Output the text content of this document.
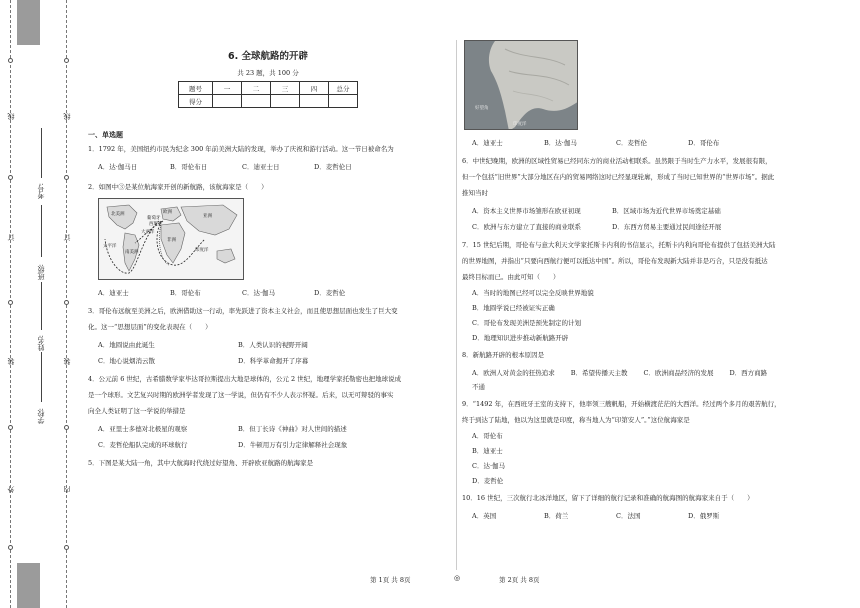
线
订
装
外
线
订
装
内
学校:
姓名:
班级:
考号:
6. 全球航路的开辟
共 23 题，共 100 分
题号	一	二	三	四	总分
得分					
一、单选题
1．1792 年，美国纽约市民为纪念 300 年前美洲大陆的发现，举办了庆祝和游行活动。这一节日被命名为
A．达·伽马日	B．哥伦布日	C．迪亚士日	D．麦哲伦日
2．如图中③是某位航海家开创的新航路，该航海家是（　　）
欧洲
亚洲
非洲
北美洲
南美洲
大西洋
太平洋
印度洋
葡萄牙
西班牙
A．迪亚士	B．哥伦布	C．达·伽马	D．麦哲伦
3．哥伦布远航至美洲之后，欧洲借助这一行动，率先跃进了资本主义社会，而且使思想层面也发生了巨大变
化。这一“思想层面”的变化表现在（　　）
A．地圆说由此诞生	B．人类认识的视野开阔
C．地心说烟消云散	D．科学革命揭开了序幕
4．公元前 6 世纪，古希腊数学家毕达哥拉斯提出大地是球体的，公元 2 世纪，地理学家托勒密也把地球说成
是一个球形。文艺复兴时期的欧洲学者发现了这一学说，但仍有不少人表示怀疑。后来，以无可辩驳的事实
向全人类证明了这一学说的举措是
A．亚里士多德对北极星的观察	B．但丁长诗《神曲》对人世间的描述
C．麦哲伦船队完成的环球航行	D．牛顿用万有引力定律解释社会现象
5．下图是某大陆一角，其中大航海时代绕过好望角、开辟欧亚航路的航海家是
好望角
印度洋
A．迪亚士	B．达·伽马	C．麦哲伦	D．哥伦布
6．中世纪晚期，欧洲的区域性贸易已经同东方的商业活动相联系。虽然限于当时生产力水平，发展很有限，
但一个包括“旧世界”大部分地区在内的贸易网络这时已经显现轮廓，形成了当时已知世界的“世界市场”。据此
推知当时
A．资本主义世界市场雏形在欧亚初现	B．区域市场为近代世界市场奠定基础
C．欧洲与东方建立了直接的商业联系	D．东西方贸易主要通过民间途径开展
7．15 世纪后期，哥伦布与意大利天文学家托斯卡内利的书信显示，托斯卡内利向哥伦布提供了包括美洲大陆
的世界地图，并指出“只要向西航行便可以抵达中国”。所以，哥伦布发现新大陆并非是巧合，只是没有抵达
最终目标而已。由此可知（　　）
A．当时的地图已经可以完全反映世界地貌
B．地圆学说已经被证实正确
C．哥伦布发现美洲是预先制定的计划
D．地理知识进步推动新航路开辟
8．新航路开辟的根本原因是
A．欧洲人对黄金的狂热追求 B．希望传播天主教 C．欧洲商品经济的发展 D．西方商路
不通
9．“1492 年，在西班牙王室的支持下，他率领三艘帆船，开始横渡茫茫的大西洋。经过两个多月的艰苦航行，
终于到达了陆地，他以为这里就是印度，称当地人为“印第安人”。”这位航海家是
A．哥伦布
B．迪亚士
C．达·伽马
D．麦哲伦
10．16 世纪，三次航行北冰洋地区，留下了详细的航行记录和准确的航海图的航海家来自于（　　）
A．英国	B．荷兰	C．法国	D．俄罗斯
第 1页 共 8页	◎	第 2页 共 8页
